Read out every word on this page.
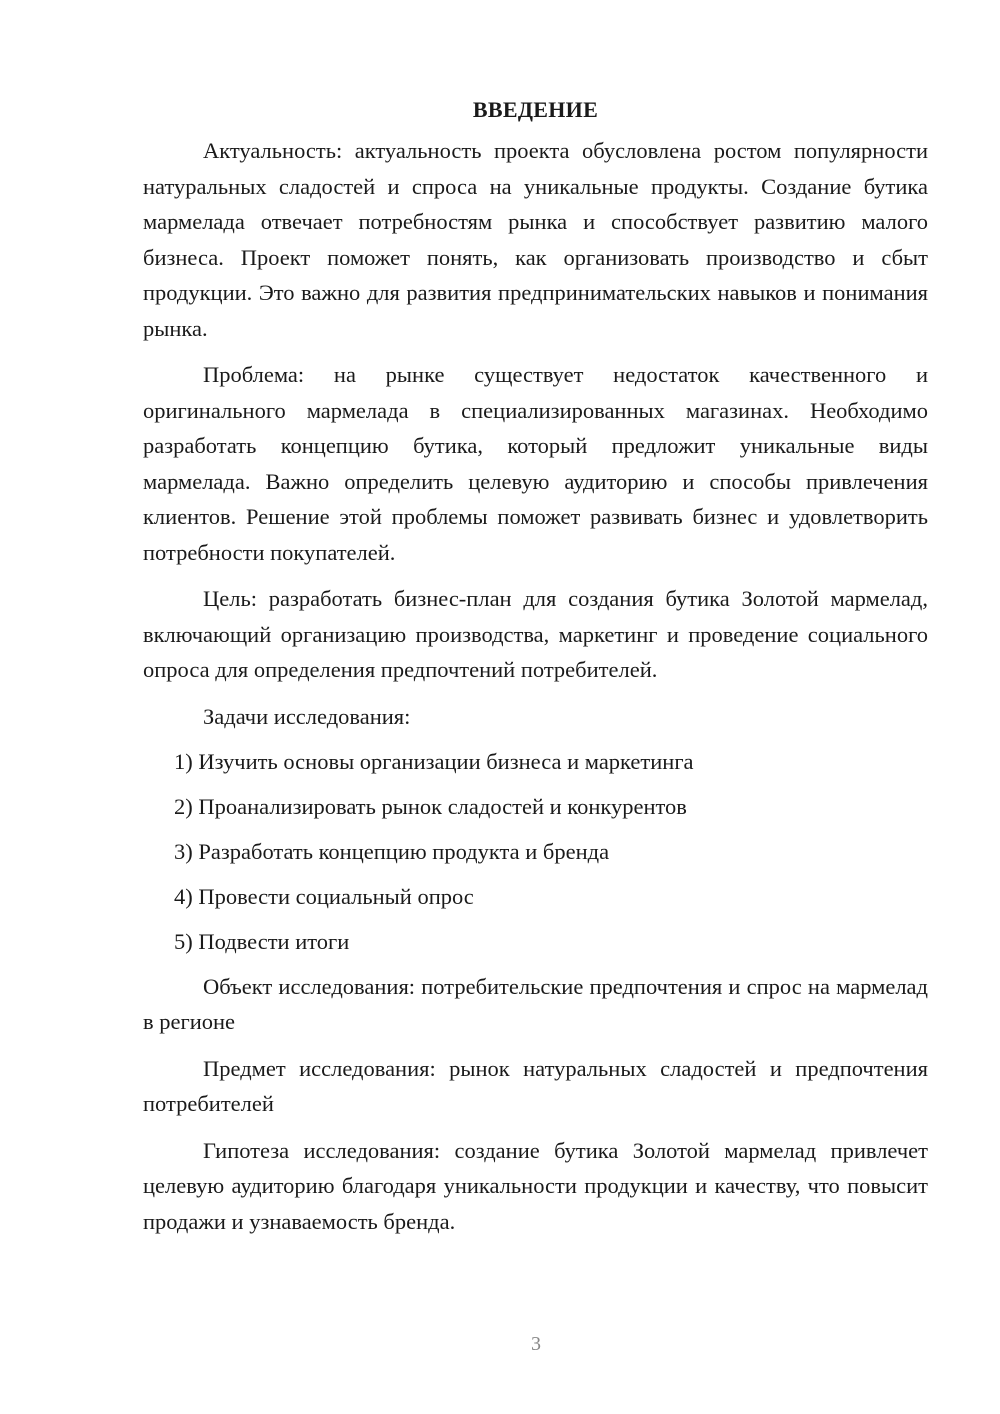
ВВЕДЕНИЕ

Актуальность: актуальность проекта обусловлена ростом популярности натуральных сладостей и спроса на уникальные продукты. Создание бутика мармелада отвечает потребностям рынка и способствует развитию малого бизнеса. Проект поможет понять, как организовать производство и сбыт продукции. Это важно для развития предпринимательских навыков и понимания рынка.

Проблема: на рынке существует недостаток качественного и оригинального мармелада в специализированных магазинах. Необходимо разработать концепцию бутика, который предложит уникальные виды мармелада. Важно определить целевую аудиторию и способы привлечения клиентов. Решение этой проблемы поможет развивать бизнес и удовлетворить потребности покупателей.

Цель: разработать бизнес-план для создания бутика Золотой мармелад, включающий организацию производства, маркетинг и проведение социального опроса для определения предпочтений потребителей.

Задачи исследования:
1) Изучить основы организации бизнеса и маркетинга
2) Проанализировать рынок сладостей и конкурентов
3) Разработать концепцию продукта и бренда
4) Провести социальный опрос
5) Подвести итоги

Объект исследования: потребительские предпочтения и спрос на мармелад в регионе

Предмет исследования: рынок натуральных сладостей и предпочтения потребителей

Гипотеза исследования: создание бутика Золотой мармелад привлечет целевую аудиторию благодаря уникальности продукции и качеству, что повысит продажи и узнаваемость бренда.

3
